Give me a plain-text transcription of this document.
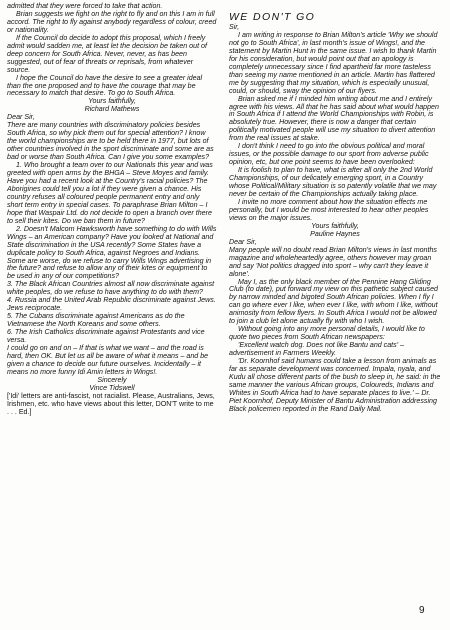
admitted that they were forced to take that action.

Brian suggests we fight on the right to fly and on this I am in full accord. The right to fly against anybody regardless of colour, creed or nationality.

If the Council do decide to adopt this proposal, which I freely admit would sadden me, at least let the decision be taken out of deep concern for South Africa. Never, never, as has been suggested, out of fear of threats or reprisals, from whatever source.

I hope the Council do have the desire to see a greater ideal than the one proposed and to have the courage that may be necessary to match that desire. To go to South Africa.

Yours faithfully,

Richard Mathews

Dear Sir,

There are many countries with discriminatory policies besides South Africa, so why pick them out for special attention? I know the world championships are to be held there in 1977, but lots of other countries involved in the sport discriminate and some are as bad or worse than South Africa. Can I give you some examples?

1. Who brought a team over to our Nationals this year and was greeted with open arms by the BHGA – Steve Moyes and family. Have you had a recent look at the Country's racial policies? The Aborigines could tell you a lot if they were given a chance. His country refuses all coloured people permanent entry and only short term entry in special cases. To paraphrase Brian Milton – I hope that Waspair Ltd. do not decide to open a branch over there to sell their kites. Do we ban them in future?

2. Doesn't Malcom Hawksworth have something to do with Wills Wings – an American company? Have you looked at National and State discrimination in the USA recently? Some States have a duplicate policy to South Africa, against Negroes and Indians. Some are worse, do we refuse to carry Wills Wings advertising in the future? and refuse to allow any of their kites or equipment to be used in any of our competitions?

3. The Black African Countries almost all now discriminate against white peoples, do we refuse to have anything to do with them?

4. Russia and the United Arab Republic discriminate against Jews. Jews reciprocate.

5. The Cubans discriminate against Americans as do the Vietnamese the North Koreans and some others.

6. The Irish Catholics discriminate against Protestants and vice versa.

I could go on and on – If that is what we want – and the road is hard, then OK. But let us all be aware of what it means – and be given a chance to decide our future ourselves. Incidentally – it means no more funny Idi Amin letters in Wings!.

Sincerely

Vince Tidswell

['Idi' letters are anti-fascist, not racialist. Please, Australians, Jews, Irishmen, etc. who have views about this letter, DON'T write to me . . . Ed.]

WE DON'T GO

Sir,

I am writing in response to Brian Milton's article 'Why we should not go to South Africa', in last month's issue of Wings!, and the statement by Martin Hunt in the same issue. I wish to thank Martin for his consideration, but would point out that an apology is completely unnecessary since I find apartheid far more tasteless than seeing my name mentioned in an article. Martin has flattered me by suggesting that my situation, which is especially unusual, could, or should, sway the opinion of our flyers.

Brian asked me if I minded him writing about me and I entirely agree with his views. All that he has said about what would happen in South Africa if I attend the World Championships with Robin, is absolutely true. However, there is now a danger that certain politically motivated people will use my situation to divert attention from the real issues at stake.

I don't think I need to go into the obvious political and moral issues, or the possible damage to our sport from adverse public opinion, etc, but one point seems to have been overlooked:

It is foolish to plan to have, what is after all only the 2nd World Championships, of our delicately emerging sport, in a Country whose Political/Military situation is so patently volatile that we may never be certain of the Championships actually taking place.

I invite no more comment about how the situation effects me personally, but I would be most interested to hear other peoples views on the major issues.

Yours faithfully,

Pauline Haynes

Dear Sir,

Many people will no doubt read Brian Milton's views in last months magazine and wholeheartedly agree, others however may groan and say 'Not politics dragged into sport – why can't they leave it alone'.

May I, as the only black member of the Pennine Hang Gliding Club (to date), put forward my view on this pathetic subject caused by narrow minded and bigoted South African policies. When I fly I can go where ever I like, when ever I like, with whom I like, without animosity from fellow flyers. In South Africa I would not be allowed to join a club let alone actually fly with who I wish.

Without going into any more personal details, I would like to quote two pieces from South African newspapers:

'Excellent watch dog. Does not like Bantu and cats' – advertisement in Farmers Weekly.

'Dr. Koornhof said humans could take a lesson from animals as far as separate development was concerned. Impala, nyala, and Kudu all chose different parts of the bush to sleep in, he said: in the same manner the various African groups, Coloureds, Indians and Whites in South Africa had to have separate places to live.' – Dr. Piet Koornhof, Deputy Minister of Bantu Administration addressing Black policemen reported in the Rand Daily Mail.

9
